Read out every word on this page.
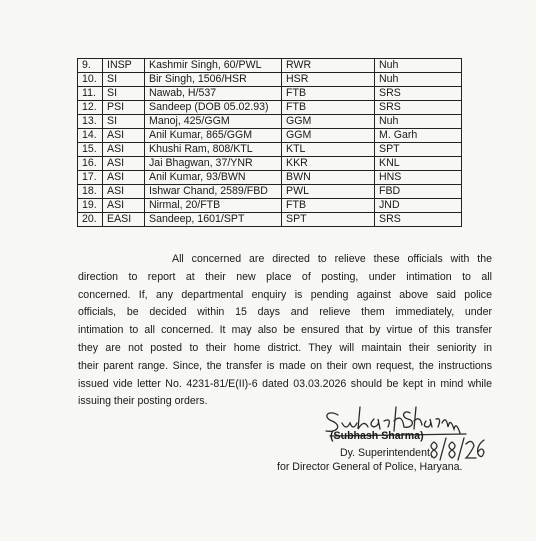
9.	INSP	Kashmir Singh, 60/PWL	RWR	Nuh
10.	SI	Bir Singh, 1506/HSR	HSR	Nuh
11.	SI	Nawab, H/537	FTB	SRS
12.	PSI	Sandeep (DOB 05.02.93)	FTB	SRS
13.	SI	Manoj, 425/GGM	GGM	Nuh
14.	ASI	Anil Kumar, 865/GGM	GGM	M. Garh
15.	ASI	Khushi Ram, 808/KTL	KTL	SPT
16.	ASI	Jai Bhagwan, 37/YNR	KKR	KNL
17.	ASI	Anil Kumar, 93/BWN	BWN	HNS
18.	ASI	Ishwar Chand, 2589/FBD	PWL	FBD
19.	ASI	Nirmal, 20/FTB	FTB	JND
20.	EASI	Sandeep, 1601/SPT	SPT	SRS
All concerned are directed to relieve these officials with the
direction to report at their new place of posting, under intimation to all
concerned. If, any departmental enquiry is pending against above said police
officials, be decided within 15 days and relieve them immediately, under
intimation to all concerned. It may also be ensured that by virtue of this transfer
they are not posted to their home district. They will maintain their seniority in
their parent range. Since, the transfer is made on their own request, the instructions
issued vide letter No. 4231-81/E(II)-6 dated 03.03.2026 should be kept in mind while
issuing their posting orders.
(Subhash Sharma)
Dy. Superintendent,
for Director General of Police, Haryana.
